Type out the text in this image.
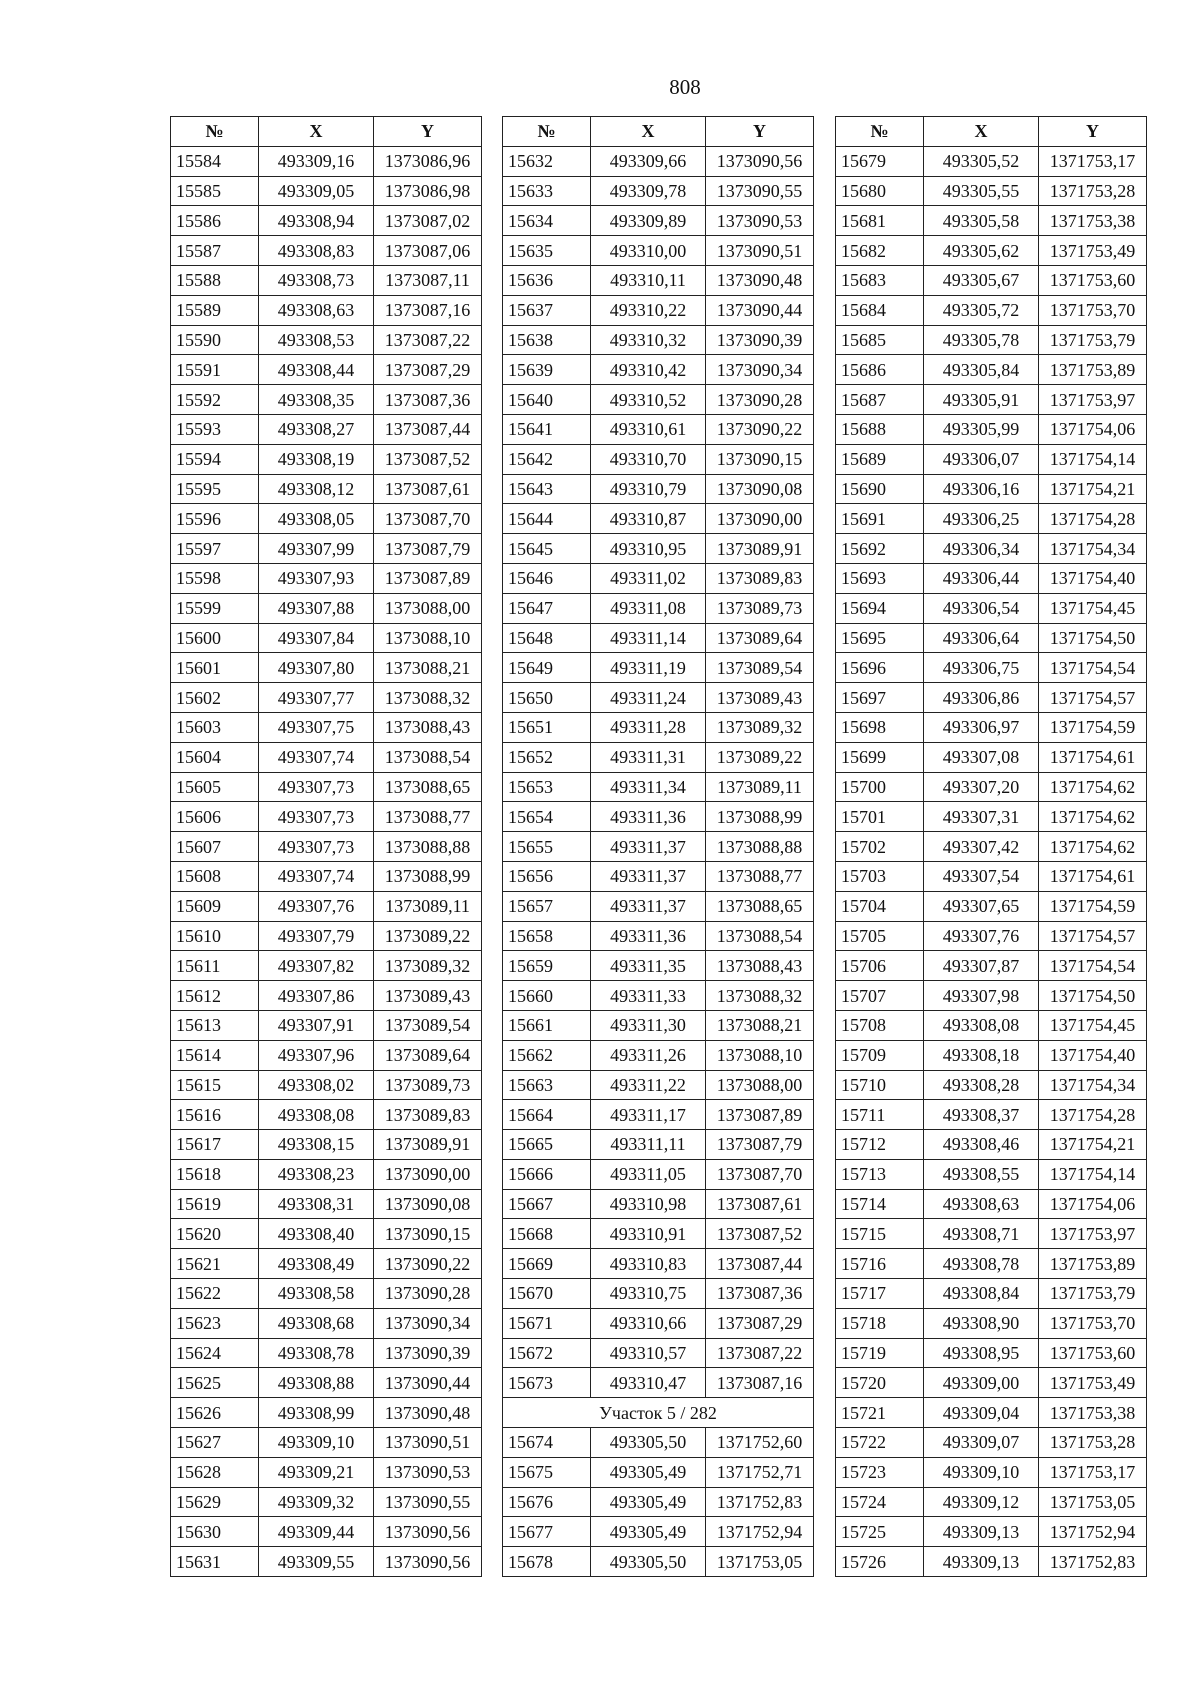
808
№	X	Y
15584	493309,16	1373086,96
15585	493309,05	1373086,98
15586	493308,94	1373087,02
15587	493308,83	1373087,06
15588	493308,73	1373087,11
15589	493308,63	1373087,16
15590	493308,53	1373087,22
15591	493308,44	1373087,29
15592	493308,35	1373087,36
15593	493308,27	1373087,44
15594	493308,19	1373087,52
15595	493308,12	1373087,61
15596	493308,05	1373087,70
15597	493307,99	1373087,79
15598	493307,93	1373087,89
15599	493307,88	1373088,00
15600	493307,84	1373088,10
15601	493307,80	1373088,21
15602	493307,77	1373088,32
15603	493307,75	1373088,43
15604	493307,74	1373088,54
15605	493307,73	1373088,65
15606	493307,73	1373088,77
15607	493307,73	1373088,88
15608	493307,74	1373088,99
15609	493307,76	1373089,11
15610	493307,79	1373089,22
15611	493307,82	1373089,32
15612	493307,86	1373089,43
15613	493307,91	1373089,54
15614	493307,96	1373089,64
15615	493308,02	1373089,73
15616	493308,08	1373089,83
15617	493308,15	1373089,91
15618	493308,23	1373090,00
15619	493308,31	1373090,08
15620	493308,40	1373090,15
15621	493308,49	1373090,22
15622	493308,58	1373090,28
15623	493308,68	1373090,34
15624	493308,78	1373090,39
15625	493308,88	1373090,44
15626	493308,99	1373090,48
15627	493309,10	1373090,51
15628	493309,21	1373090,53
15629	493309,32	1373090,55
15630	493309,44	1373090,56
15631	493309,55	1373090,56
№	X	Y
15632	493309,66	1373090,56
15633	493309,78	1373090,55
15634	493309,89	1373090,53
15635	493310,00	1373090,51
15636	493310,11	1373090,48
15637	493310,22	1373090,44
15638	493310,32	1373090,39
15639	493310,42	1373090,34
15640	493310,52	1373090,28
15641	493310,61	1373090,22
15642	493310,70	1373090,15
15643	493310,79	1373090,08
15644	493310,87	1373090,00
15645	493310,95	1373089,91
15646	493311,02	1373089,83
15647	493311,08	1373089,73
15648	493311,14	1373089,64
15649	493311,19	1373089,54
15650	493311,24	1373089,43
15651	493311,28	1373089,32
15652	493311,31	1373089,22
15653	493311,34	1373089,11
15654	493311,36	1373088,99
15655	493311,37	1373088,88
15656	493311,37	1373088,77
15657	493311,37	1373088,65
15658	493311,36	1373088,54
15659	493311,35	1373088,43
15660	493311,33	1373088,32
15661	493311,30	1373088,21
15662	493311,26	1373088,10
15663	493311,22	1373088,00
15664	493311,17	1373087,89
15665	493311,11	1373087,79
15666	493311,05	1373087,70
15667	493310,98	1373087,61
15668	493310,91	1373087,52
15669	493310,83	1373087,44
15670	493310,75	1373087,36
15671	493310,66	1373087,29
15672	493310,57	1373087,22
15673	493310,47	1373087,16
Участок 5 / 282		
15674	493305,50	1371752,60
15675	493305,49	1371752,71
15676	493305,49	1371752,83
15677	493305,49	1371752,94
15678	493305,50	1371753,05
№	X	Y
15679	493305,52	1371753,17
15680	493305,55	1371753,28
15681	493305,58	1371753,38
15682	493305,62	1371753,49
15683	493305,67	1371753,60
15684	493305,72	1371753,70
15685	493305,78	1371753,79
15686	493305,84	1371753,89
15687	493305,91	1371753,97
15688	493305,99	1371754,06
15689	493306,07	1371754,14
15690	493306,16	1371754,21
15691	493306,25	1371754,28
15692	493306,34	1371754,34
15693	493306,44	1371754,40
15694	493306,54	1371754,45
15695	493306,64	1371754,50
15696	493306,75	1371754,54
15697	493306,86	1371754,57
15698	493306,97	1371754,59
15699	493307,08	1371754,61
15700	493307,20	1371754,62
15701	493307,31	1371754,62
15702	493307,42	1371754,62
15703	493307,54	1371754,61
15704	493307,65	1371754,59
15705	493307,76	1371754,57
15706	493307,87	1371754,54
15707	493307,98	1371754,50
15708	493308,08	1371754,45
15709	493308,18	1371754,40
15710	493308,28	1371754,34
15711	493308,37	1371754,28
15712	493308,46	1371754,21
15713	493308,55	1371754,14
15714	493308,63	1371754,06
15715	493308,71	1371753,97
15716	493308,78	1371753,89
15717	493308,84	1371753,79
15718	493308,90	1371753,70
15719	493308,95	1371753,60
15720	493309,00	1371753,49
15721	493309,04	1371753,38
15722	493309,07	1371753,28
15723	493309,10	1371753,17
15724	493309,12	1371753,05
15725	493309,13	1371752,94
15726	493309,13	1371752,83
